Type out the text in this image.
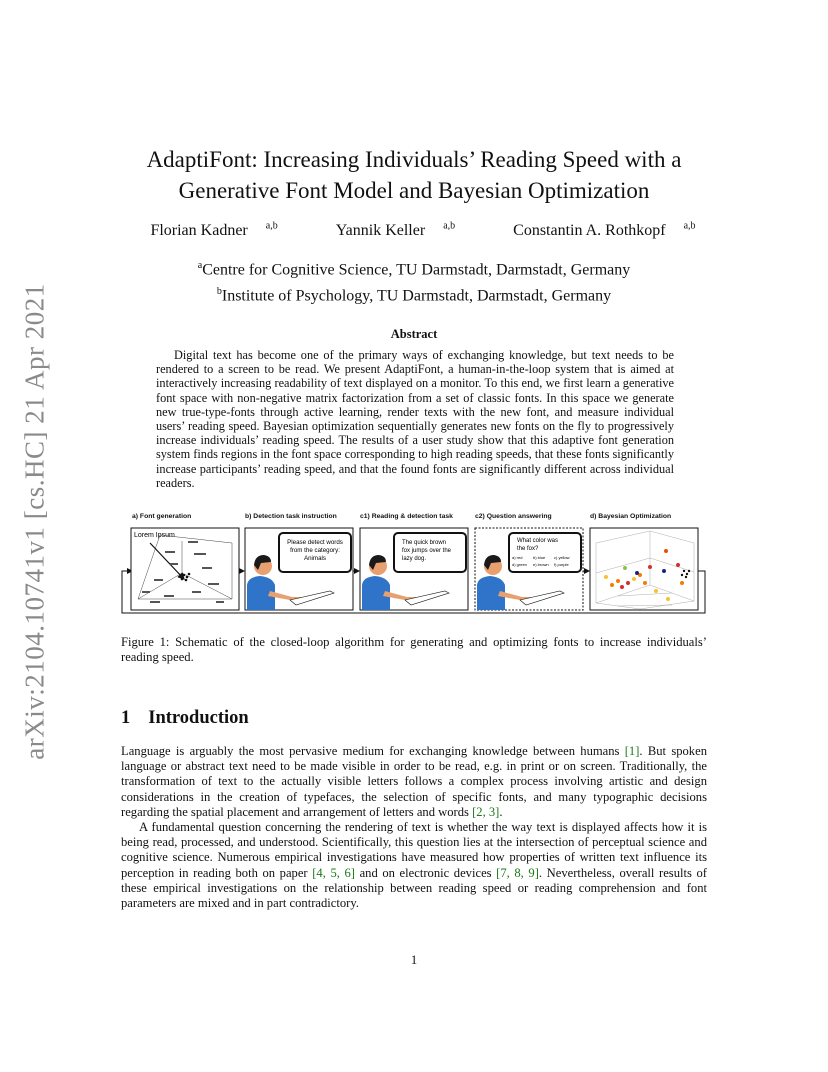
arXiv:2104.10741v1 [cs.HC] 21 Apr 2021
AdaptiFont: Increasing Individuals’ Reading Speed with a Generative Font Model and Bayesian Optimization
Florian Kadner $^{a,b}$	Yannik Keller $^{a,b}$	Constantin A. Rothkopf $^{a,b}$
$^a$Centre for Cognitive Science, TU Darmstadt, Darmstadt, Germany
$^b$Institute of Psychology, TU Darmstadt, Darmstadt, Germany
Abstract
Digital text has become one of the primary ways of exchanging knowledge, but text needs to be rendered to a screen to be read. We present AdaptiFont, a human-in-the-loop system that is aimed at interactively increasing readability of text displayed on a monitor. To this end, we first learn a generative font space with non-negative matrix factorization from a set of classic fonts. In this space we generate new true-type-fonts through active learning, render texts with the new font, and measure individual users’ reading speed. Bayesian optimization sequentially generates new fonts on the fly to progressively increase individuals’ reading speed. The results of a user study show that this adaptive font generation system finds regions in the font space corresponding to high reading speeds, that these fonts significantly increase participants’ reading speed, and that the found fonts are significantly different across individual readers.
a) Font generation	b) Detection task instruction	c1) Reading & detection task	c2) Question answering	d) Bayesian Optimization
Lorem Ipsum
Please detect words
from the category:
Animals
The quick brown
fox jumps over the
lazy dog.
What color was
the fox?
a) red	b) blue c) yellow
d) green e) brown f) purple
Figure 1: Schematic of the closed-loop algorithm for generating and optimizing fonts to increase individuals’ reading speed.
1 Introduction

Language is arguably the most pervasive medium for exchanging knowledge between humans [1]. But spoken language or abstract text need to be made visible in order to be read, e.g. in print or on screen. Traditionally, the transformation of text to the actually visible letters follows a complex process involving artistic and design considerations in the creation of typefaces, the selection of specific fonts, and many typographic decisions regarding the spatial placement and arrangement of letters and words [2, 3].

A fundamental question concerning the rendering of text is whether the way text is displayed affects how it is being read, processed, and understood. Scientifically, this question lies at the intersection of perceptual science and cognitive science. Numerous empirical investigations have measured how properties of written text influence its perception in reading both on paper [4, 5, 6] and on electronic devices [7, 8, 9]. Nevertheless, overall results of these empirical investigations on the relationship between reading speed or reading comprehension and font parameters are mixed and in part contradictory.

1
